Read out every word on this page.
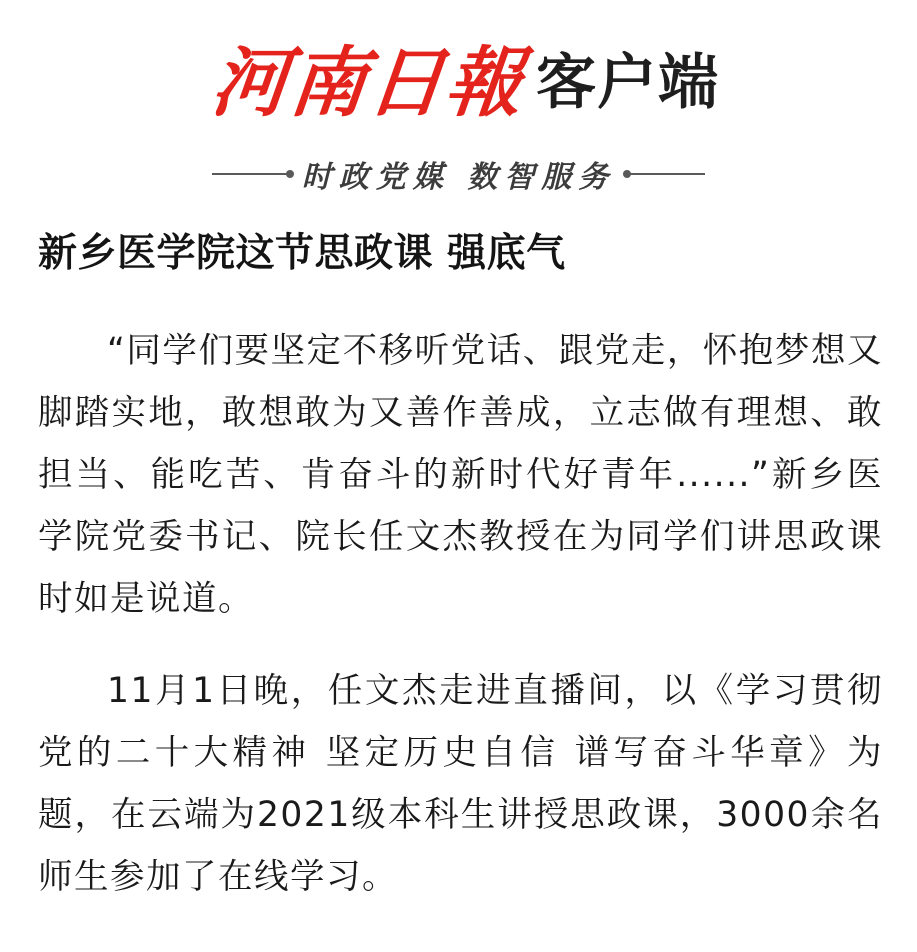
河南日報 客户端
时政党媒 数智服务
新乡医学院这节思政课 强底气

“同学们要坚定不移听党话、跟党走，怀抱梦想又脚踏实地，敢想敢为又善作善成，立志做有理想、敢担当、能吃苦、肯奋斗的新时代好青年......”新乡医学院党委书记、院长任文杰教授在为同学们讲思政课时如是说道。

11月1日晚，任文杰走进直播间，以《学习贯彻党的二十大精神 坚定历史自信 谱写奋斗华章》为题，在云端为2021级本科生讲授思政课，3000余名师生参加了在线学习。
